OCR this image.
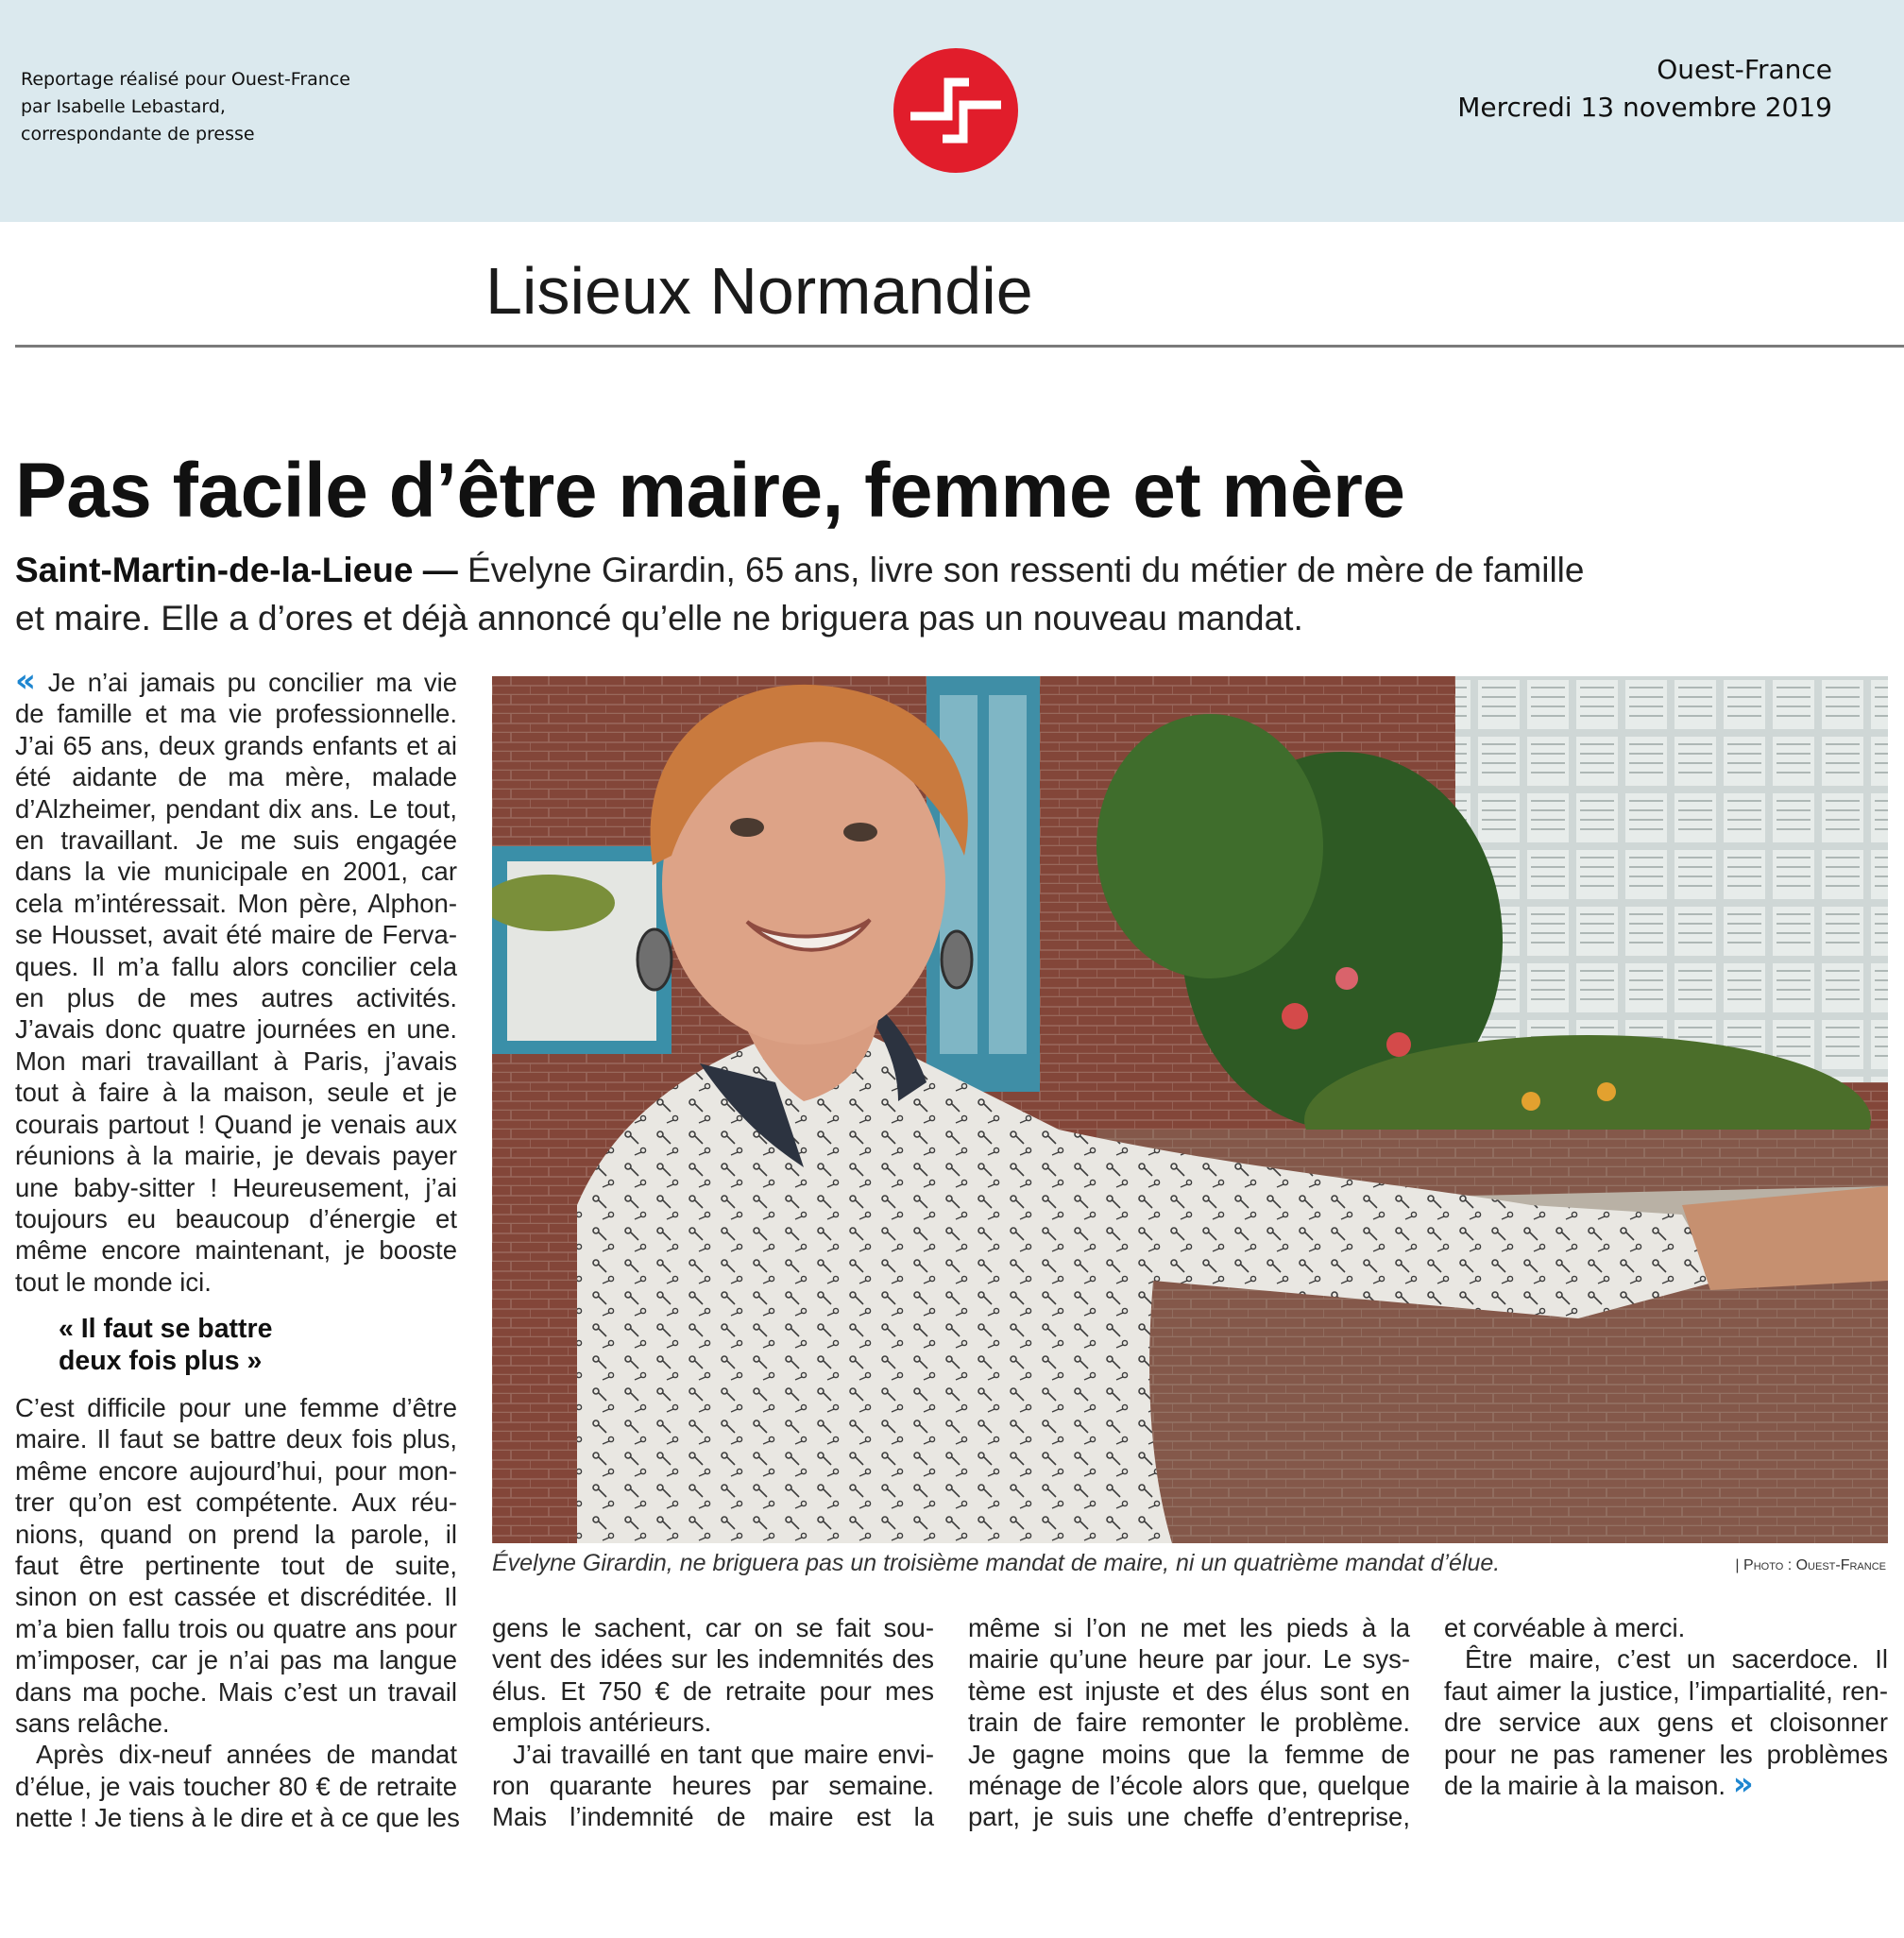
Reportage réalisé pour Ouest-France
par Isabelle Lebastard,
correspondante de presse
Ouest-France
Mercredi 13 novembre 2019
Lisieux Normandie
Pas facile d’être maire, femme et mère
Saint-Martin-de-la-Lieue — Évelyne Girardin, 65 ans, livre son ressenti du métier de mère de famille
et maire. Elle a d’ores et déjà annoncé qu’elle ne briguera pas un nouveau mandat.
« Je n’ai jamais pu concilier ma vie
de famille et ma vie professionnelle.
J’ai 65 ans, deux grands enfants et ai
été aidante de ma mère, malade
d’Alzheimer, pendant dix ans. Le tout,
en travaillant. Je me suis engagée
dans la vie municipale en 2001, car
cela m’intéressait. Mon père, Alphon-
se Housset, avait été maire de Ferva-
ques. Il m’a fallu alors concilier cela
en plus de mes autres activités.
J’avais donc quatre journées en une.
Mon mari travaillant à Paris, j’avais
tout à faire à la maison, seule et je
courais partout ! Quand je venais aux
réunions à la mairie, je devais payer
une baby-sitter ! Heureusement, j’ai
toujours eu beaucoup d’énergie et
même encore maintenant, je booste
tout le monde ici.
« Il faut se battre
deux fois plus »
C’est difficile pour une femme d’être
maire. Il faut se battre deux fois plus,
même encore aujourd’hui, pour mon-
trer qu’on est compétente. Aux réu-
nions, quand on prend la parole, il
faut être pertinente tout de suite,
sinon on est cassée et discréditée. Il
m’a bien fallu trois ou quatre ans pour
m’imposer, car je n’ai pas ma langue
dans ma poche. Mais c’est un travail
sans relâche.
Après dix-neuf années de mandat
d’élue, je vais toucher 80 € de retraite
nette ! Je tiens à le dire et à ce que les
Évelyne Girardin, ne briguera pas un troisième mandat de maire, ni un quatrième mandat d’élue.	| Photo : Ouest-France
gens le sachent, car on se fait sou-
vent des idées sur les indemnités des
élus. Et 750 € de retraite pour mes
emplois antérieurs.
J’ai travaillé en tant que maire envi-
ron quarante heures par semaine.
Mais l’indemnité de maire est la
même si l’on ne met les pieds à la
mairie qu’une heure par jour. Le sys-
tème est injuste et des élus sont en
train de faire remonter le problème.
Je gagne moins que la femme de
ménage de l’école alors que, quelque
part, je suis une cheffe d’entreprise,
et corvéable à merci.
Être maire, c’est un sacerdoce. Il
faut aimer la justice, l’impartialité, ren-
dre service aux gens et cloisonner
pour ne pas ramener les problèmes
de la mairie à la maison. »
